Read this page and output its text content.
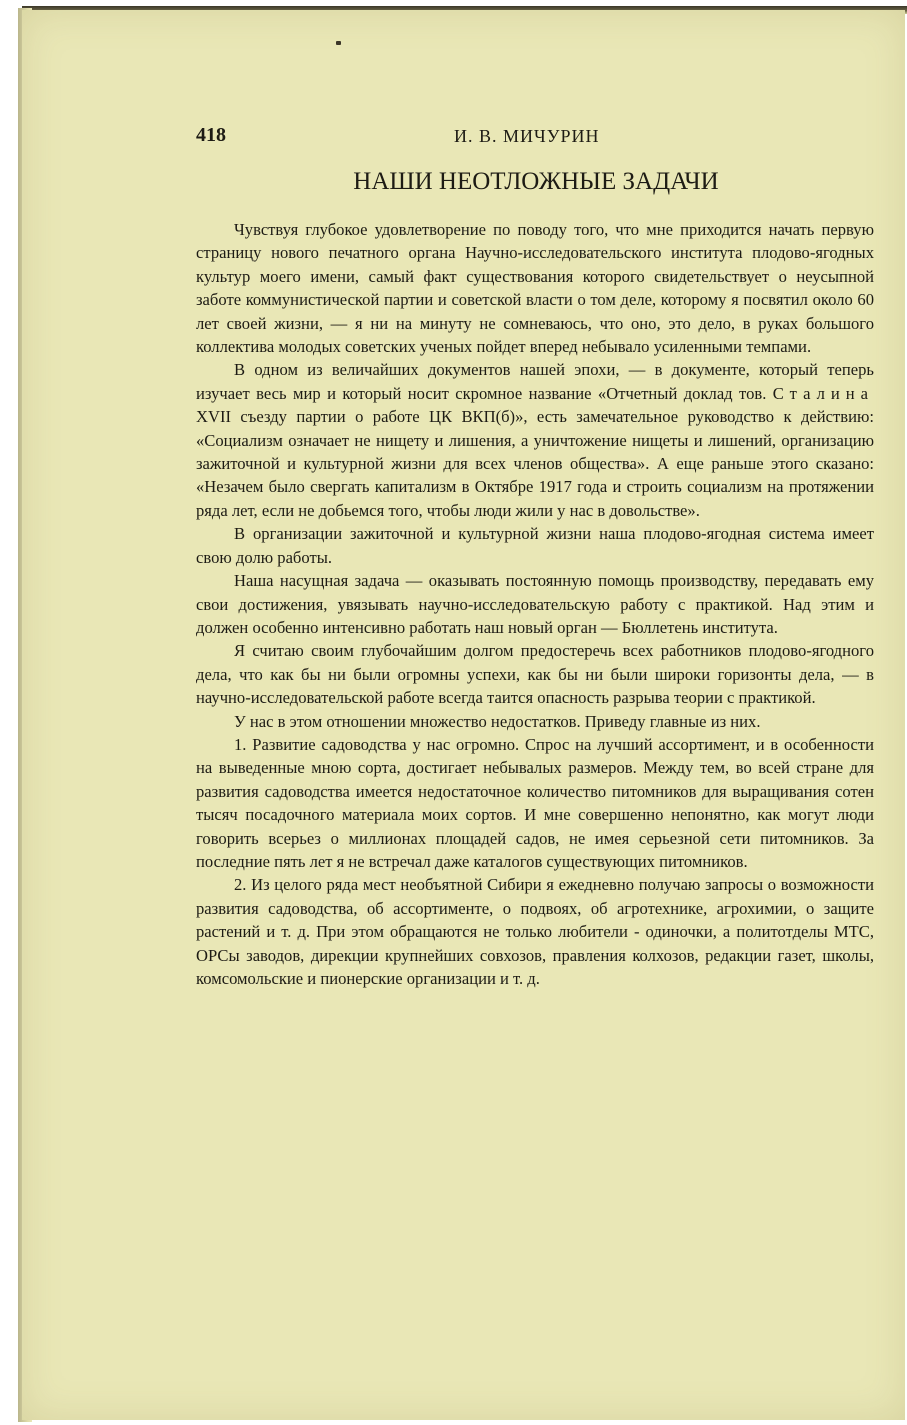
418	И. В. МИЧУРИН
НАШИ НЕОТЛОЖНЫЕ ЗАДАЧИ

Чувствуя глубокое удовлетворение по поводу того, что мне приходится начать первую страницу нового печатного органа Научно-исследовательского института плодово-ягодных культур моего имени, самый факт существования которого свидетельствует о неусыпной заботе коммунистической партии и советской власти о том деле, которому я посвятил около 60 лет своей жизни, — я ни на минуту не сомневаюсь, что оно, это дело, в руках большого коллектива молодых советских ученых пойдет вперед небывало усиленными темпами.

В одном из величайших документов нашей эпохи, — в документе, который теперь изучает весь мир и который носит скромное название «Отчетный доклад тов. Сталина XVII съезду партии о работе ЦК ВКП(б)», есть замечательное руководство к действию: «Социализм означает не нищету и лишения, а уничтожение нищеты и лишений, организацию зажиточной и культурной жизни для всех членов общества». А еще раньше этого сказано: «Незачем было свергать капитализм в Октябре 1917 года и строить социализм на протяжении ряда лет, если не добьемся того, чтобы люди жили у нас в довольстве».

В организации зажиточной и культурной жизни наша плодово-ягодная система имеет свою долю работы.

Наша насущная задача — оказывать постоянную помощь производству, передавать ему свои достижения, увязывать научно-исследовательскую работу с практикой. Над этим и должен особенно интенсивно работать наш новый орган — Бюллетень института.

Я считаю своим глубочайшим долгом предостеречь всех работников плодово-ягодного дела, что как бы ни были огромны успехи, как бы ни были широки горизонты дела, — в научно-исследовательской работе всегда таится опасность разрыва теории с практикой.

У нас в этом отношении множество недостатков. Приведу главные из них.

1. Развитие садоводства у нас огромно. Спрос на лучший ассортимент, и в особенности на выведенные мною сорта, достигает небывалых размеров. Между тем, во всей стране для развития садоводства имеется недостаточное количество питомников для выращивания сотен тысяч посадочного материала моих сортов. И мне совершенно непонятно, как могут люди говорить всерьез о миллионах площадей садов, не имея серьезной сети питомников. За последние пять лет я не встречал даже каталогов существующих питомников.

2. Из целого ряда мест необъятной Сибири я ежедневно получаю запросы о возможности развития садоводства, об ассортименте, о подвоях, об агротехнике, агрохимии, о защите растений и т. д. При этом обращаются не только любители - одиночки, а политотделы МТС, ОРСы заводов, дирекции крупнейших совхозов, правления колхозов, редакции газет, школы, комсомольские и пионерские организации и т. д.
